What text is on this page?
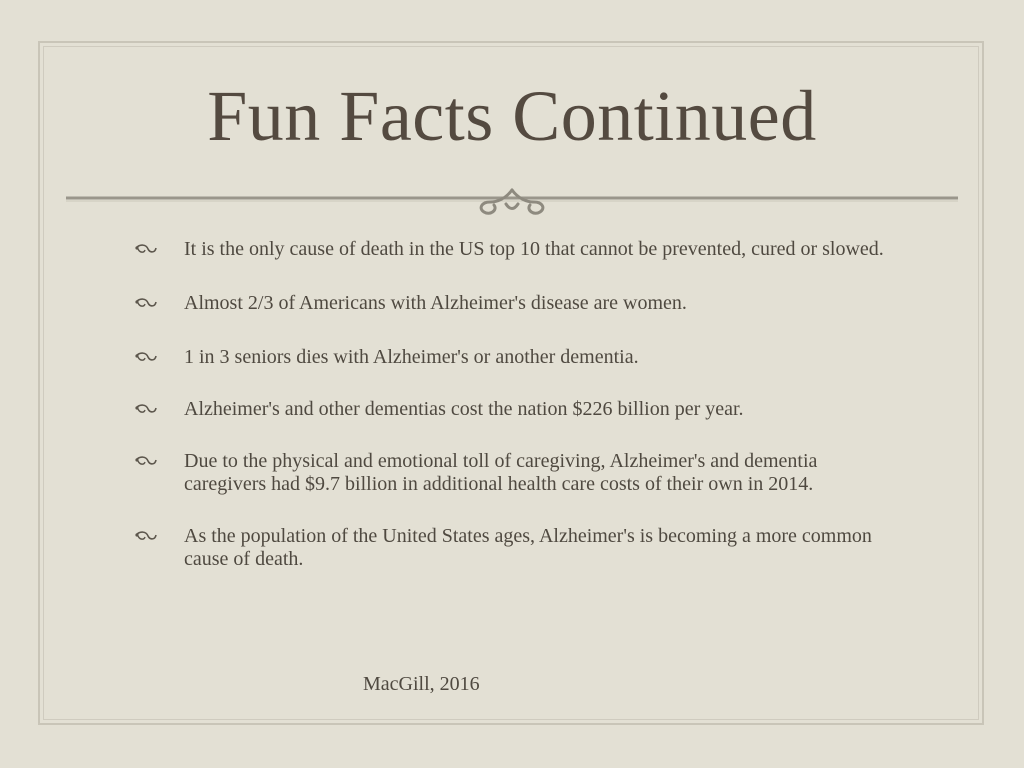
Fun Facts Continued
It is the only cause of death in the US top 10 that cannot be prevented, cured or slowed.
Almost 2/3 of Americans with Alzheimer's disease are women.
1 in 3 seniors dies with Alzheimer's or another dementia.
Alzheimer's and other dementias cost the nation $226 billion per year.
Due to the physical and emotional toll of caregiving, Alzheimer's and dementia caregivers had $9.7 billion in additional health care costs of their own in 2014.
As the population of the United States ages, Alzheimer's is becoming a more common cause of death.
MacGill, 2016
